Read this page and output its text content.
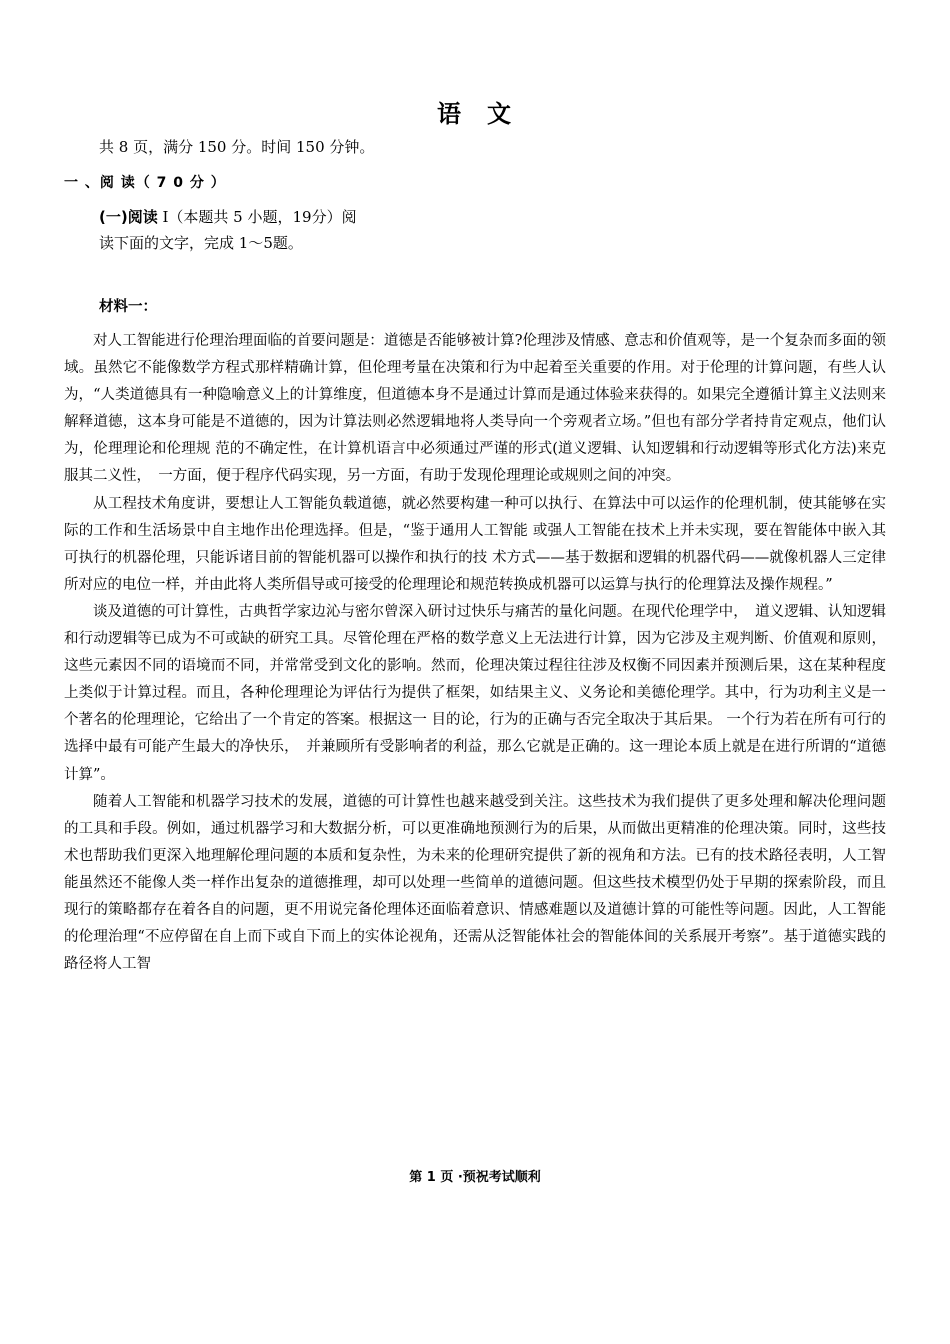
语 文
共 8 页，满分 150 分。时间 150 分钟。
一 、阅 读（ 7 0 分 ）
(一)阅读 I（本题共 5 小题，19分）阅读下面的文字，完成 1～5题。
材料一：

对人工智能进行伦理治理面临的首要问题是：道德是否能够被计算?伦理涉及情感、意志和价值观等，是一个复杂而多面的领域。虽然它不能像数学方程式那样精确计算，但伦理考量在决策和行为中起着至关重要的作用。对于伦理的计算问题，有些人认为，“人类道德具有一种隐喻意义上的计算维度，但道德本身不是通过计算而是通过体验来获得的。如果完全遵循计算主义法则来解释道德，这本身可能是不道德的，因为计算法则必然逻辑地将人类导向一个旁观者立场。”但也有部分学者持肯定观点，他们认为，伦理理论和伦理规 范的不确定性，在计算机语言中必须通过严谨的形式(道义逻辑、认知逻辑和行动逻辑等形式化方法)来克服其二义性，　一方面，便于程序代码实现，另一方面，有助于发现伦理理论或规则之间的冲突。

从工程技术角度讲，要想让人工智能负载道德，就必然要构建一种可以执行、在算法中可以运作的伦理机制，使其能够在实际的工作和生活场景中自主地作出伦理选择。但是，“鉴于通用人工智能 或强人工智能在技术上并未实现，要在智能体中嵌入其可执行的机器伦理，只能诉诸目前的智能机器可以操作和执行的技 术方式——基于数据和逻辑的机器代码——就像机器人三定律所对应的电位一样，并由此将人类所倡导或可接受的伦理理论和规范转换成机器可以运算与执行的伦理算法及操作规程。”

谈及道德的可计算性，古典哲学家边沁与密尔曾深入研讨过快乐与痛苦的量化问题。在现代伦理学中，　道义逻辑、认知逻辑和行动逻辑等已成为不可或缺的研究工具。尽管伦理在严格的数学意义上无法进行计算，因为它涉及主观判断、价值观和原则，这些元素因不同的语境而不同，并常常受到文化的影响。然而，伦理决策过程往往涉及权衡不同因素并预测后果，这在某种程度上类似于计算过程。而且，各种伦理理论为评估行为提供了框架，如结果主义、义务论和美德伦理学。其中，行为功利主义是一个著名的伦理理论，它给出了一个肯定的答案。根据这一 目的论，行为的正确与否完全取决于其后果。 一个行为若在所有可行的选择中最有可能产生最大的净快乐，　并兼顾所有受影响者的利益，那么它就是正确的。这一理论本质上就是在进行所谓的“道德计算”。

随着人工智能和机器学习技术的发展，道德的可计算性也越来越受到关注。这些技术为我们提供了更多处理和解决伦理问题的工具和手段。例如，通过机器学习和大数据分析，可以更准确地预测行为的后果，从而做出更精准的伦理决策。同时，这些技术也帮助我们更深入地理解伦理问题的本质和复杂性，为未来的伦理研究提供了新的视角和方法。已有的技术路径表明，人工智能虽然还不能像人类一样作出复杂的道德推理，却可以处理一些简单的道德问题。但这些技术模型仍处于早期的探索阶段，而且现行的策略都存在着各自的问题，更不用说完备伦理体还面临着意识、情感难题以及道德计算的可能性等问题。因此，人工智能的伦理治理“不应停留在自上而下或自下而上的实体论视角，还需从泛智能体社会的智能体间的关系展开考察”。基于道德实践的路径将人工智

第 1 页 ·预祝考试顺利
